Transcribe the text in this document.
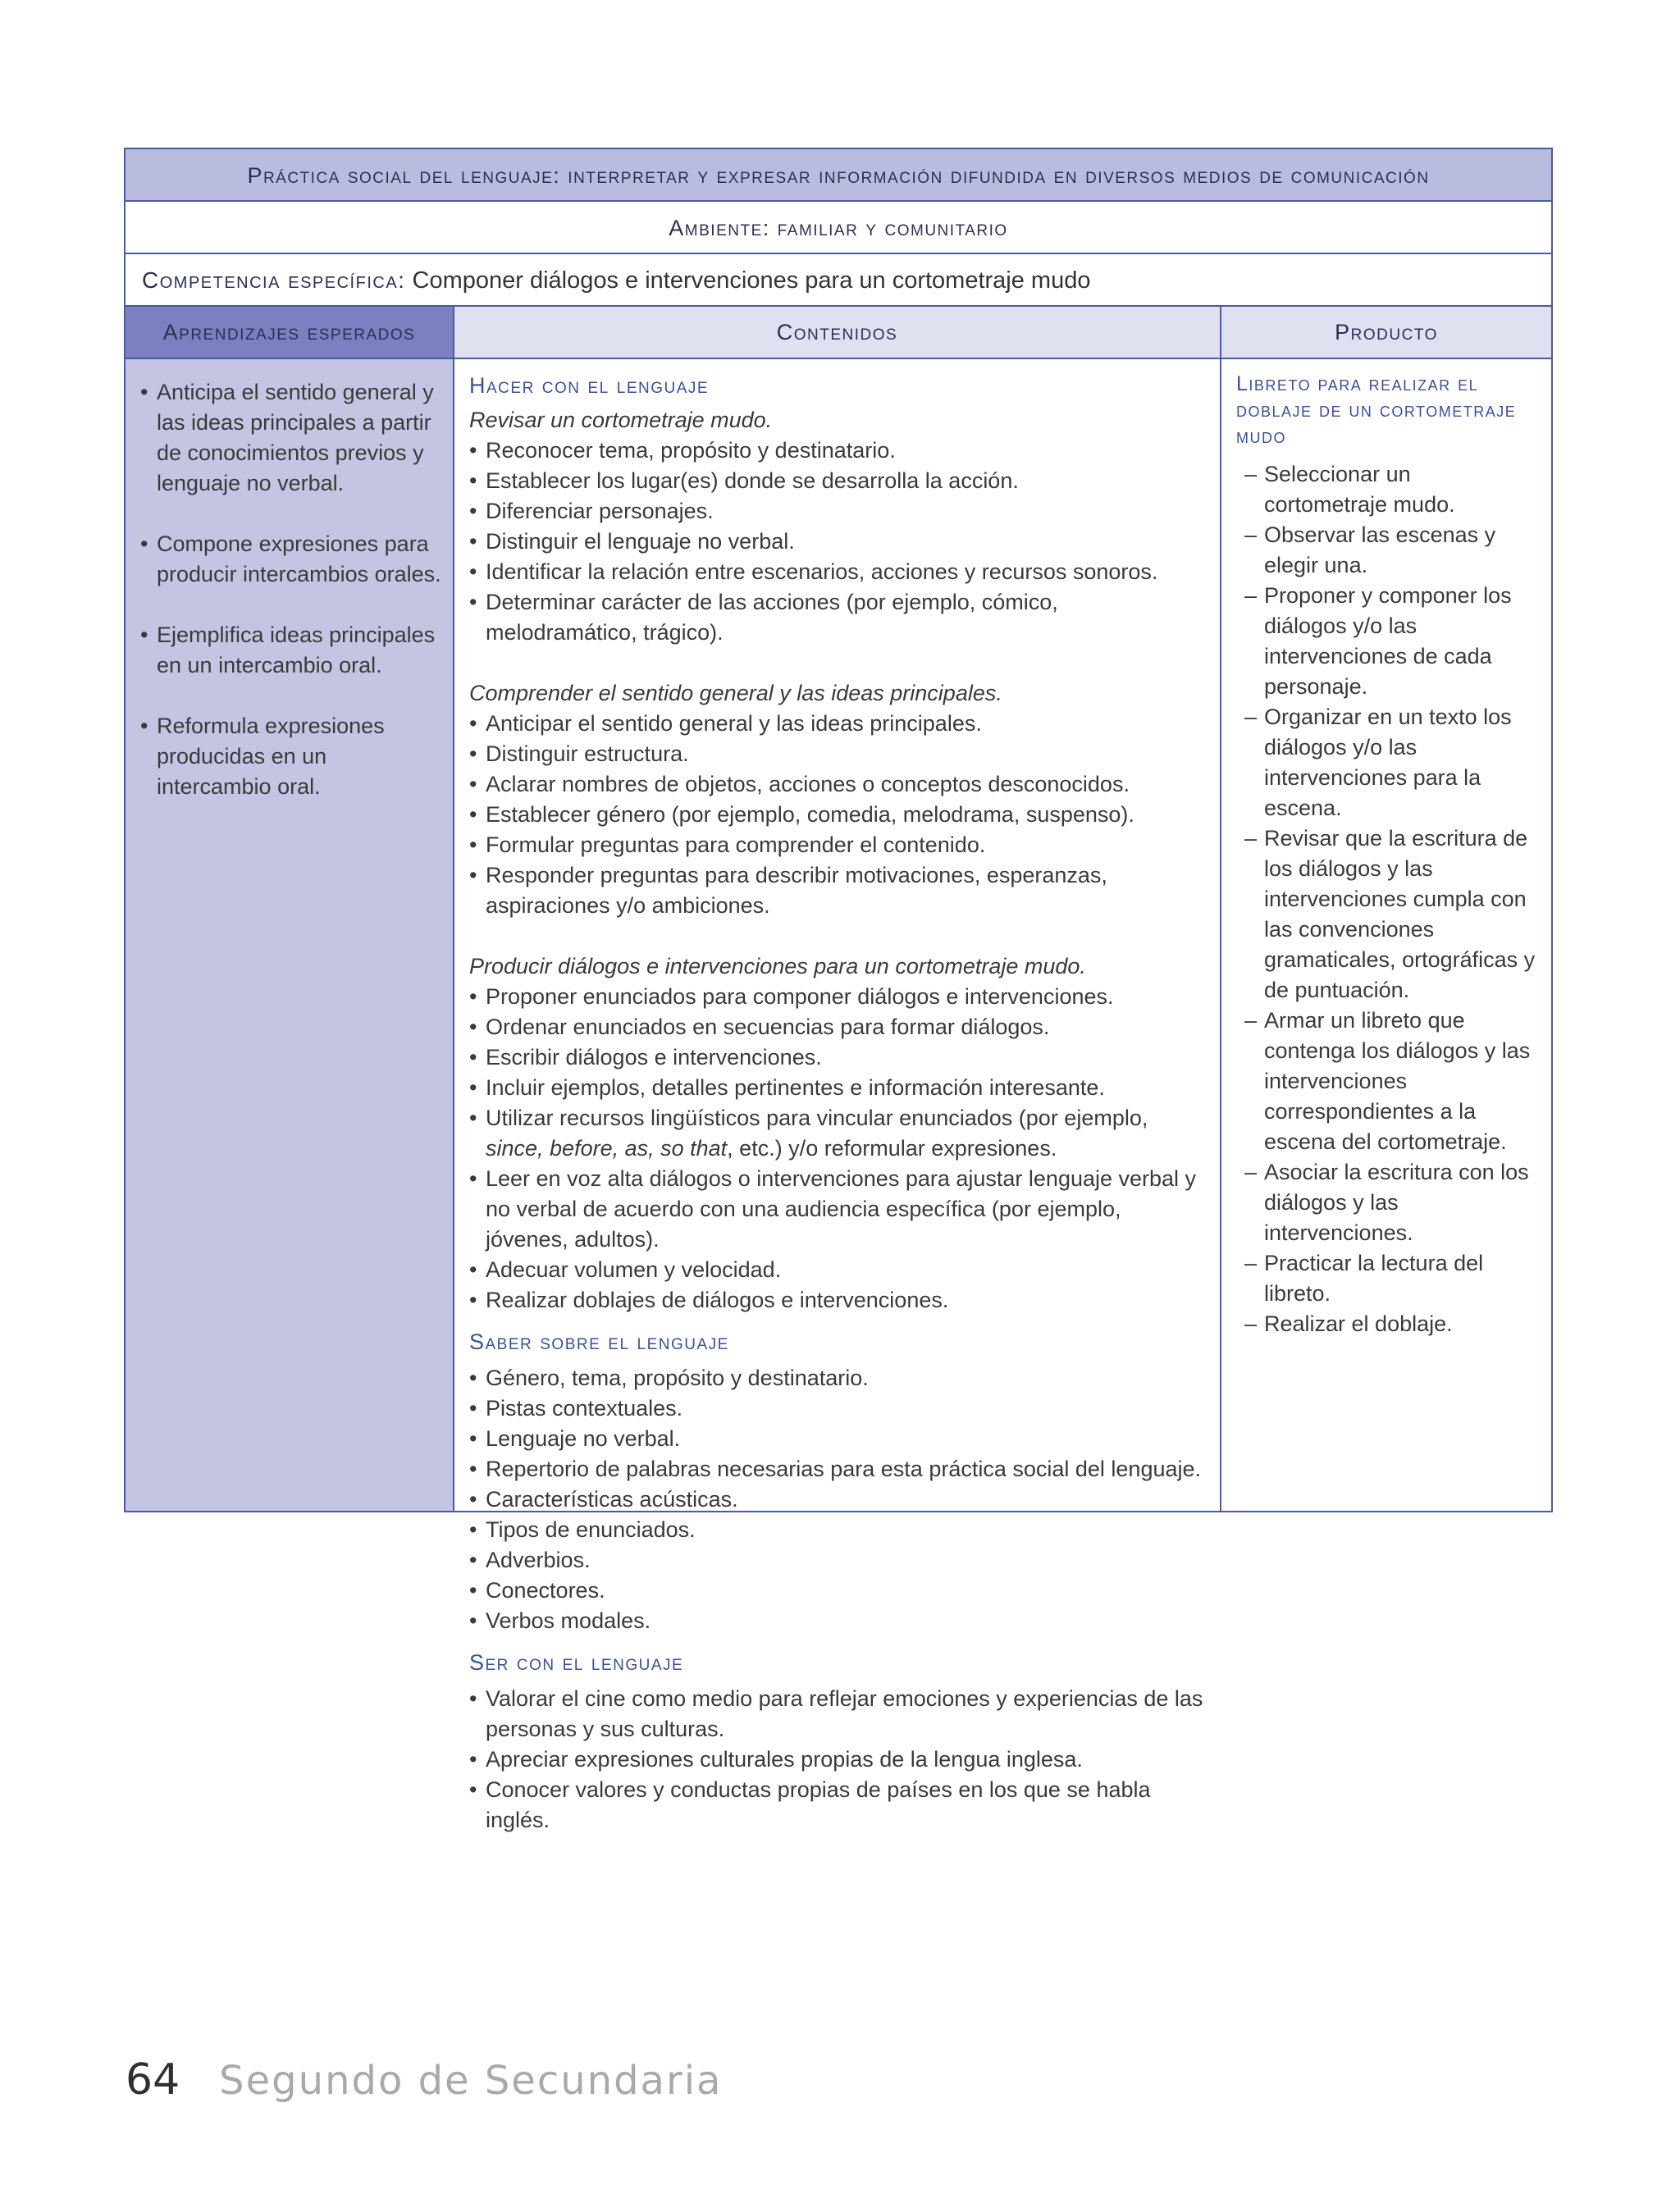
Práctica social del lenguaje: interpretar y expresar información difundida en diversos medios de comunicación
Ambiente: familiar y comunitario
Competencia específica: Componer diálogos e intervenciones para un cortometraje mudo
Aprendizajes esperados	Contenidos	Producto
• Anticipa el sentido general y las ideas principales a partir de conocimientos previos y lenguaje no verbal.
• Compone expresiones para producir intercambios orales.
• Ejemplifica ideas principales en un intercambio oral.
• Reformula expresiones producidas en un intercambio oral.
Hacer con el lenguaje
Revisar un cortometraje mudo.
• Reconocer tema, propósito y destinatario.
• Establecer los lugar(es) donde se desarrolla la acción.
• Diferenciar personajes.
• Distinguir el lenguaje no verbal.
• Identificar la relación entre escenarios, acciones y recursos sonoros.
• Determinar carácter de las acciones (por ejemplo, cómico, melodramático, trágico).
Comprender el sentido general y las ideas principales.
• Anticipar el sentido general y las ideas principales.
• Distinguir estructura.
• Aclarar nombres de objetos, acciones o conceptos desconocidos.
• Establecer género (por ejemplo, comedia, melodrama, suspenso).
• Formular preguntas para comprender el contenido.
• Responder preguntas para describir motivaciones, esperanzas, aspiraciones y/o ambiciones.
Producir diálogos e intervenciones para un cortometraje mudo.
• Proponer enunciados para componer diálogos e intervenciones.
• Ordenar enunciados en secuencias para formar diálogos.
• Escribir diálogos e intervenciones.
• Incluir ejemplos, detalles pertinentes e información interesante.
• Utilizar recursos lingüísticos para vincular enunciados (por ejemplo, since, before, as, so that, etc.) y/o reformular expresiones.
• Leer en voz alta diálogos o intervenciones para ajustar lenguaje verbal y no verbal de acuerdo con una audiencia específica (por ejemplo, jóvenes, adultos).
• Adecuar volumen y velocidad.
• Realizar doblajes de diálogos e intervenciones.
Saber sobre el lenguaje
• Género, tema, propósito y destinatario.
• Pistas contextuales.
• Lenguaje no verbal.
• Repertorio de palabras necesarias para esta práctica social del lenguaje.
• Características acústicas.
• Tipos de enunciados.
• Adverbios.
• Conectores.
• Verbos modales.
Ser con el lenguaje
• Valorar el cine como medio para reflejar emociones y experiencias de las personas y sus culturas.
• Apreciar expresiones culturales propias de la lengua inglesa.
• Conocer valores y conductas propias de países en los que se habla inglés.
Libreto para realizar el doblaje de un cortometraje mudo
– Seleccionar un cortometraje mudo.
– Observar las escenas y elegir una.
– Proponer y componer los diálogos y/o las intervenciones de cada personaje.
– Organizar en un texto los diálogos y/o las intervenciones para la escena.
– Revisar que la escritura de los diálogos y las intervenciones cumpla con las convenciones gramaticales, ortográficas y de puntuación.
– Armar un libreto que contenga los diálogos y las intervenciones correspondientes a la escena del cortometraje.
– Asociar la escritura con los diálogos y las intervenciones.
– Practicar la lectura del libreto.
– Realizar el doblaje.
64 Segundo de Secundaria
